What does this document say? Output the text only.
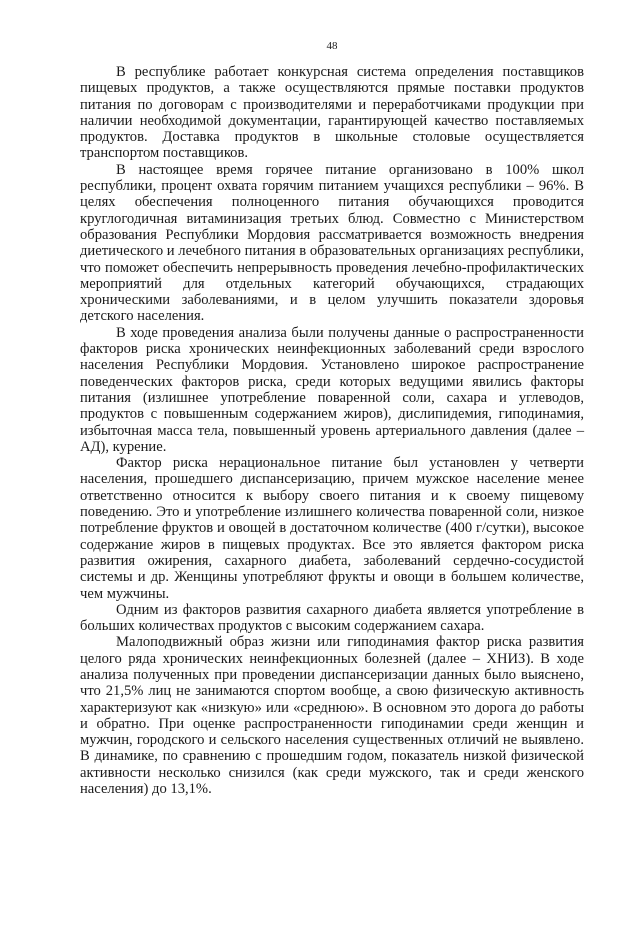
48

В республике работает конкурсная система определения поставщиков пищевых продуктов, а также осуществляются прямые поставки продуктов питания по договорам с производителями и переработчиками продукции при наличии необходимой документации, гарантирующей качество поставляемых продуктов. Доставка продуктов в школьные столовые осуществляется транспортом поставщиков.

В настоящее время горячее питание организовано в 100% школ республики, процент охвата горячим питанием учащихся республики – 96%. В целях обеспечения полноценного питания обучающихся проводится круглогодичная витаминизация третьих блюд. Совместно с Министерством образования Республики Мордовия рассматривается возможность внедрения диетического и лечебного питания в образовательных организациях республики, что поможет обеспечить непрерывность проведения лечебно-профилактических мероприятий для отдельных категорий обучающихся, страдающих хроническими заболеваниями, и в целом улучшить показатели здоровья детского населения.

В ходе проведения анализа были получены данные о распространенности факторов риска хронических неинфекционных заболеваний среди взрослого населения Республики Мордовия. Установлено широкое распространение поведенческих факторов риска, среди которых ведущими явились факторы питания (излишнее употребление поваренной соли, сахара и углеводов, продуктов с повышенным содержанием жиров), дислипидемия, гиподинамия, избыточная масса тела, повышенный уровень артериального давления (далее – АД), курение.

Фактор риска нерациональное питание был установлен у четверти населения, прошедшего диспансеризацию, причем мужское население менее ответственно относится к выбору своего питания и к своему пищевому поведению. Это и употребление излишнего количества поваренной соли, низкое потребление фруктов и овощей в достаточном количестве (400 г/сутки), высокое содержание жиров в пищевых продуктах. Все это является фактором риска развития ожирения, сахарного диабета, заболеваний сердечно-сосудистой системы и др. Женщины употребляют фрукты и овощи в большем количестве, чем мужчины.

Одним из факторов развития сахарного диабета является употребление в больших количествах продуктов с высоким содержанием сахара.

Малоподвижный образ жизни или гиподинамия фактор риска развития целого ряда хронических неинфекционных болезней (далее – ХНИЗ). В ходе анализа полученных при проведении диспансеризации данных было выяснено, что 21,5% лиц не занимаются спортом вообще, а свою физическую активность характеризуют как «низкую» или «среднюю». В основном это дорога до работы и обратно. При оценке распространенности гиподинамии среди женщин и мужчин, городского и сельского населения существенных отличий не выявлено. В динамике, по сравнению с прошедшим годом, показатель низкой физической активности несколько снизился (как среди мужского, так и среди женского населения) до 13,1%.
